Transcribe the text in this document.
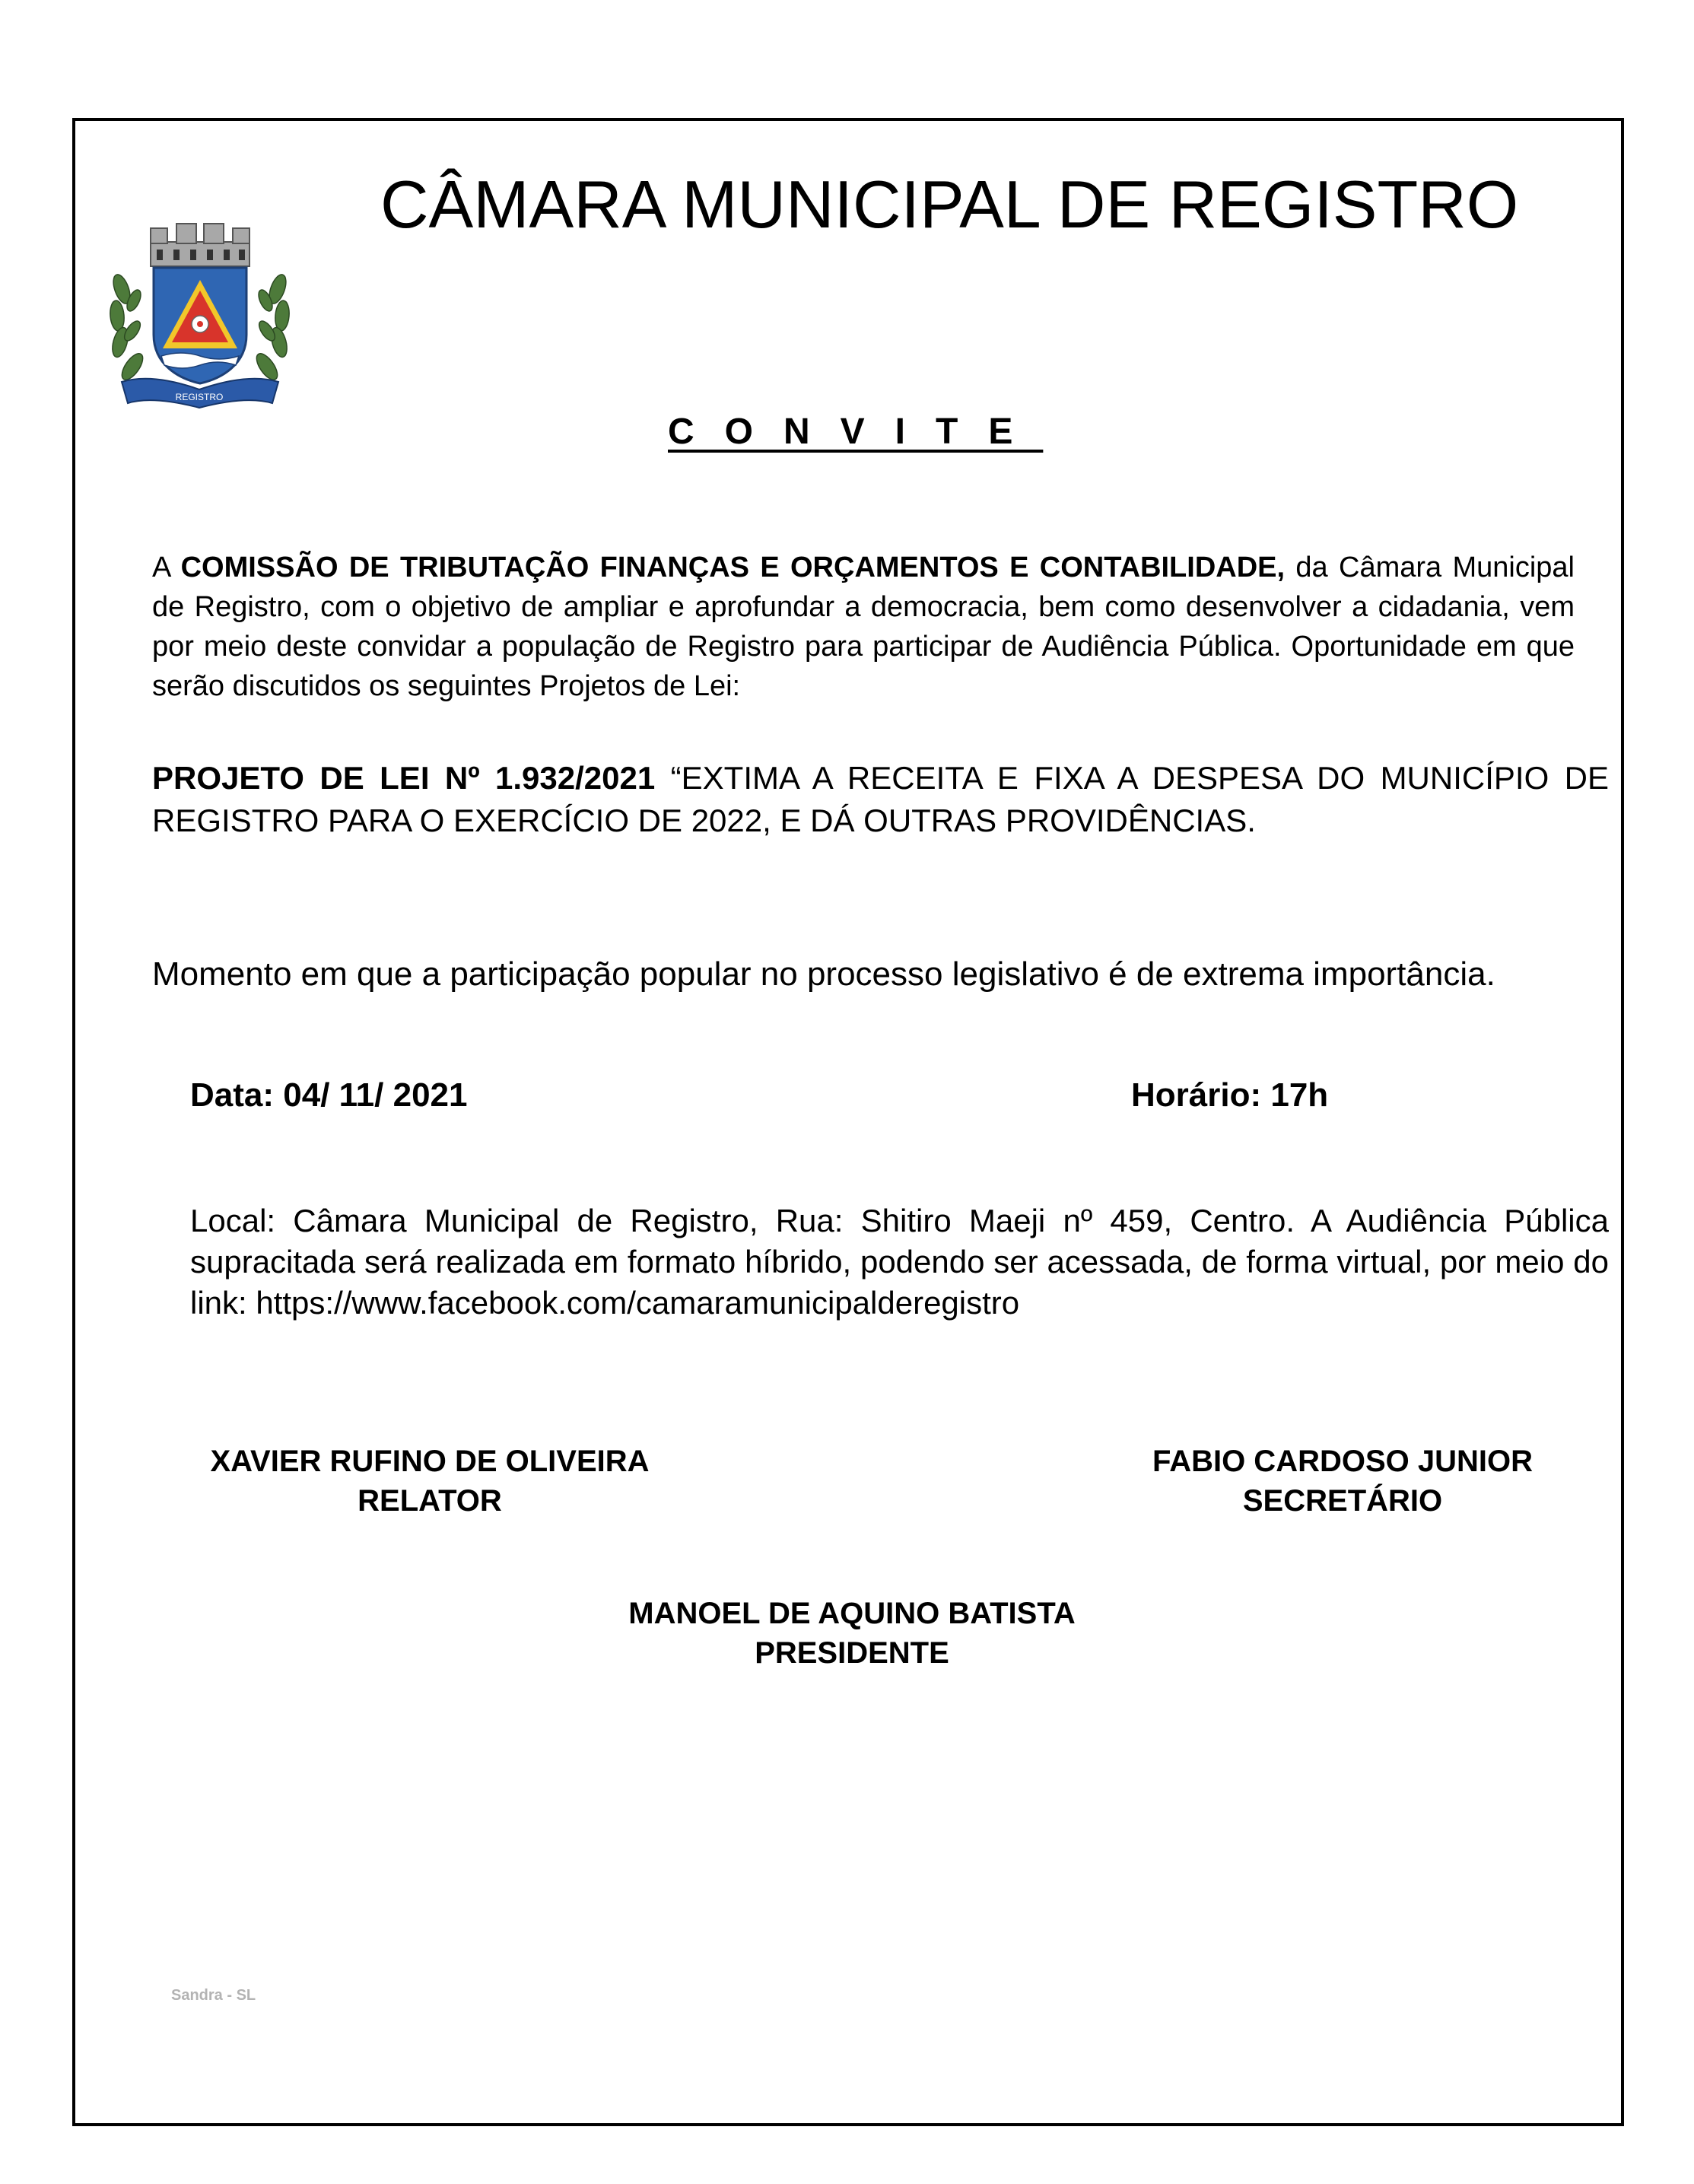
REGISTRO
CÂMARA MUNICIPAL DE REGISTRO
CONVITE
A COMISSÃO DE TRIBUTAÇÃO FINANÇAS E ORÇAMENTOS E CONTABILIDADE, da Câmara Municipal de Registro, com o objetivo de ampliar e aprofundar a democracia, bem como desenvolver a cidadania, vem por meio deste convidar a população de Registro para participar de Audiência Pública. Oportunidade em que serão discutidos os seguintes Projetos de Lei:
PROJETO DE LEI Nº 1.932/2021 “EXTIMA A RECEITA E FIXA A DESPESA DO MUNICÍPIO DE REGISTRO PARA O EXERCÍCIO DE 2022, E DÁ OUTRAS PROVIDÊNCIAS.
Momento em que a participação popular no processo legislativo é de extrema importância.
Data: 04/ 11/ 2021	Horário: 17h
Local: Câmara Municipal de Registro, Rua: Shitiro Maeji nº 459, Centro. A Audiência Pública supracitada será realizada em formato híbrido, podendo ser acessada, de forma virtual, por meio do link: https://www.facebook.com/camaramunicipalderegistro
XAVIER RUFINO DE OLIVEIRA
RELATOR
FABIO CARDOSO JUNIOR
SECRETÁRIO
MANOEL DE AQUINO BATISTA
PRESIDENTE
Sandra - SL
